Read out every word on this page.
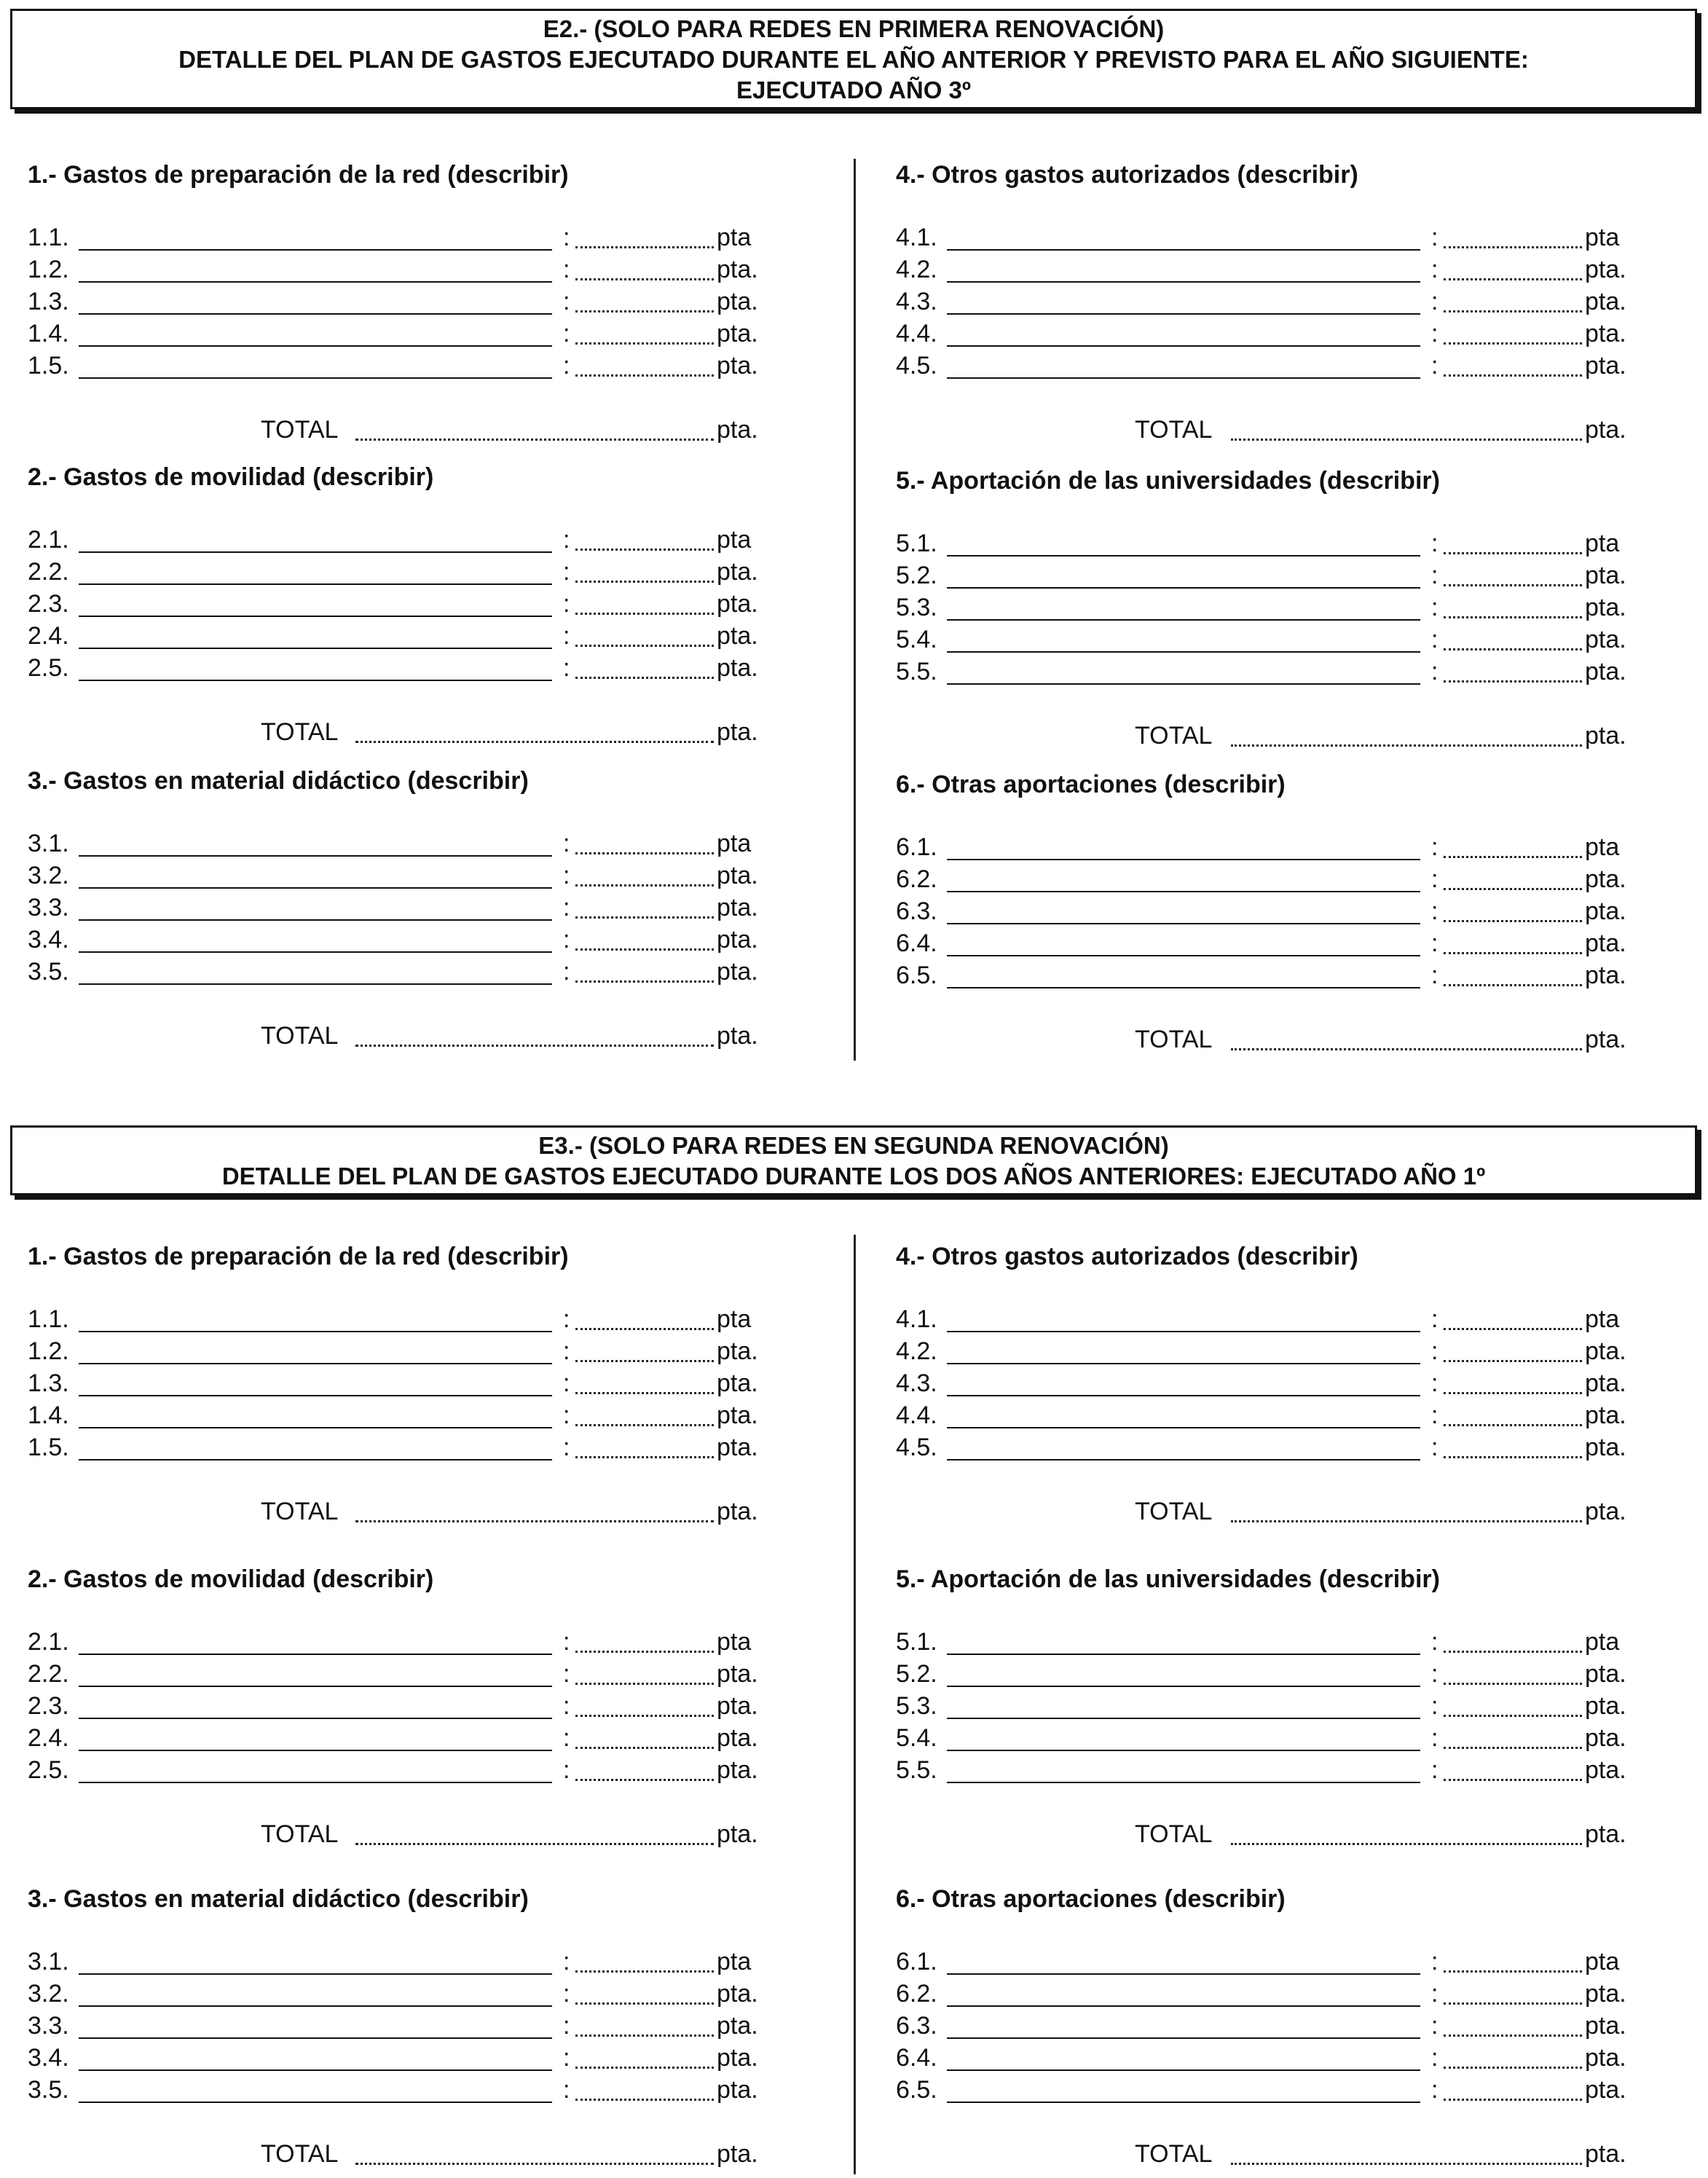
E2.- (SOLO PARA REDES EN PRIMERA RENOVACIÓN)
DETALLE DEL PLAN DE GASTOS EJECUTADO DURANTE EL AÑO ANTERIOR Y PREVISTO PARA EL AÑO SIGUIENTE:
EJECUTADO AÑO 3º
1.- Gastos de preparación de la red (describir)
1.1.	:	pta
1.2.	:	pta.
1.3.	:	pta.
1.4.	:	pta.
1.5.	:	pta.
TOTAL	pta.
2.- Gastos de movilidad (describir)
2.1.	:	pta
2.2.	:	pta.
2.3.	:	pta.
2.4.	:	pta.
2.5.	:	pta.
TOTAL	pta.
3.- Gastos en material didáctico (describir)
3.1.	:	pta
3.2.	:	pta.
3.3.	:	pta.
3.4.	:	pta.
3.5.	:	pta.
TOTAL	pta.
4.- Otros gastos autorizados (describir)
4.1.	:	pta
4.2.	:	pta.
4.3.	:	pta.
4.4.	:	pta.
4.5.	:	pta.
TOTAL	pta.
5.- Aportación de las universidades (describir)
5.1.	:	pta
5.2.	:	pta.
5.3.	:	pta.
5.4.	:	pta.
5.5.	:	pta.
TOTAL	pta.
6.- Otras aportaciones (describir)
6.1.	:	pta
6.2.	:	pta.
6.3.	:	pta.
6.4.	:	pta.
6.5.	:	pta.
TOTAL	pta.
E3.- (SOLO PARA REDES EN SEGUNDA RENOVACIÓN)
DETALLE DEL PLAN DE GASTOS EJECUTADO DURANTE LOS DOS AÑOS ANTERIORES: EJECUTADO AÑO 1º
1.- Gastos de preparación de la red (describir)
1.1.	:	pta
1.2.	:	pta.
1.3.	:	pta.
1.4.	:	pta.
1.5.	:	pta.
TOTAL	pta.
2.- Gastos de movilidad (describir)
2.1.	:	pta
2.2.	:	pta.
2.3.	:	pta.
2.4.	:	pta.
2.5.	:	pta.
TOTAL	pta.
3.- Gastos en material didáctico (describir)
3.1.	:	pta
3.2.	:	pta.
3.3.	:	pta.
3.4.	:	pta.
3.5.	:	pta.
TOTAL	pta.
4.- Otros gastos autorizados (describir)
4.1.	:	pta
4.2.	:	pta.
4.3.	:	pta.
4.4.	:	pta.
4.5.	:	pta.
TOTAL	pta.
5.- Aportación de las universidades (describir)
5.1.	:	pta
5.2.	:	pta.
5.3.	:	pta.
5.4.	:	pta.
5.5.	:	pta.
TOTAL	pta.
6.- Otras aportaciones (describir)
6.1.	:	pta
6.2.	:	pta.
6.3.	:	pta.
6.4.	:	pta.
6.5.	:	pta.
TOTAL	pta.
